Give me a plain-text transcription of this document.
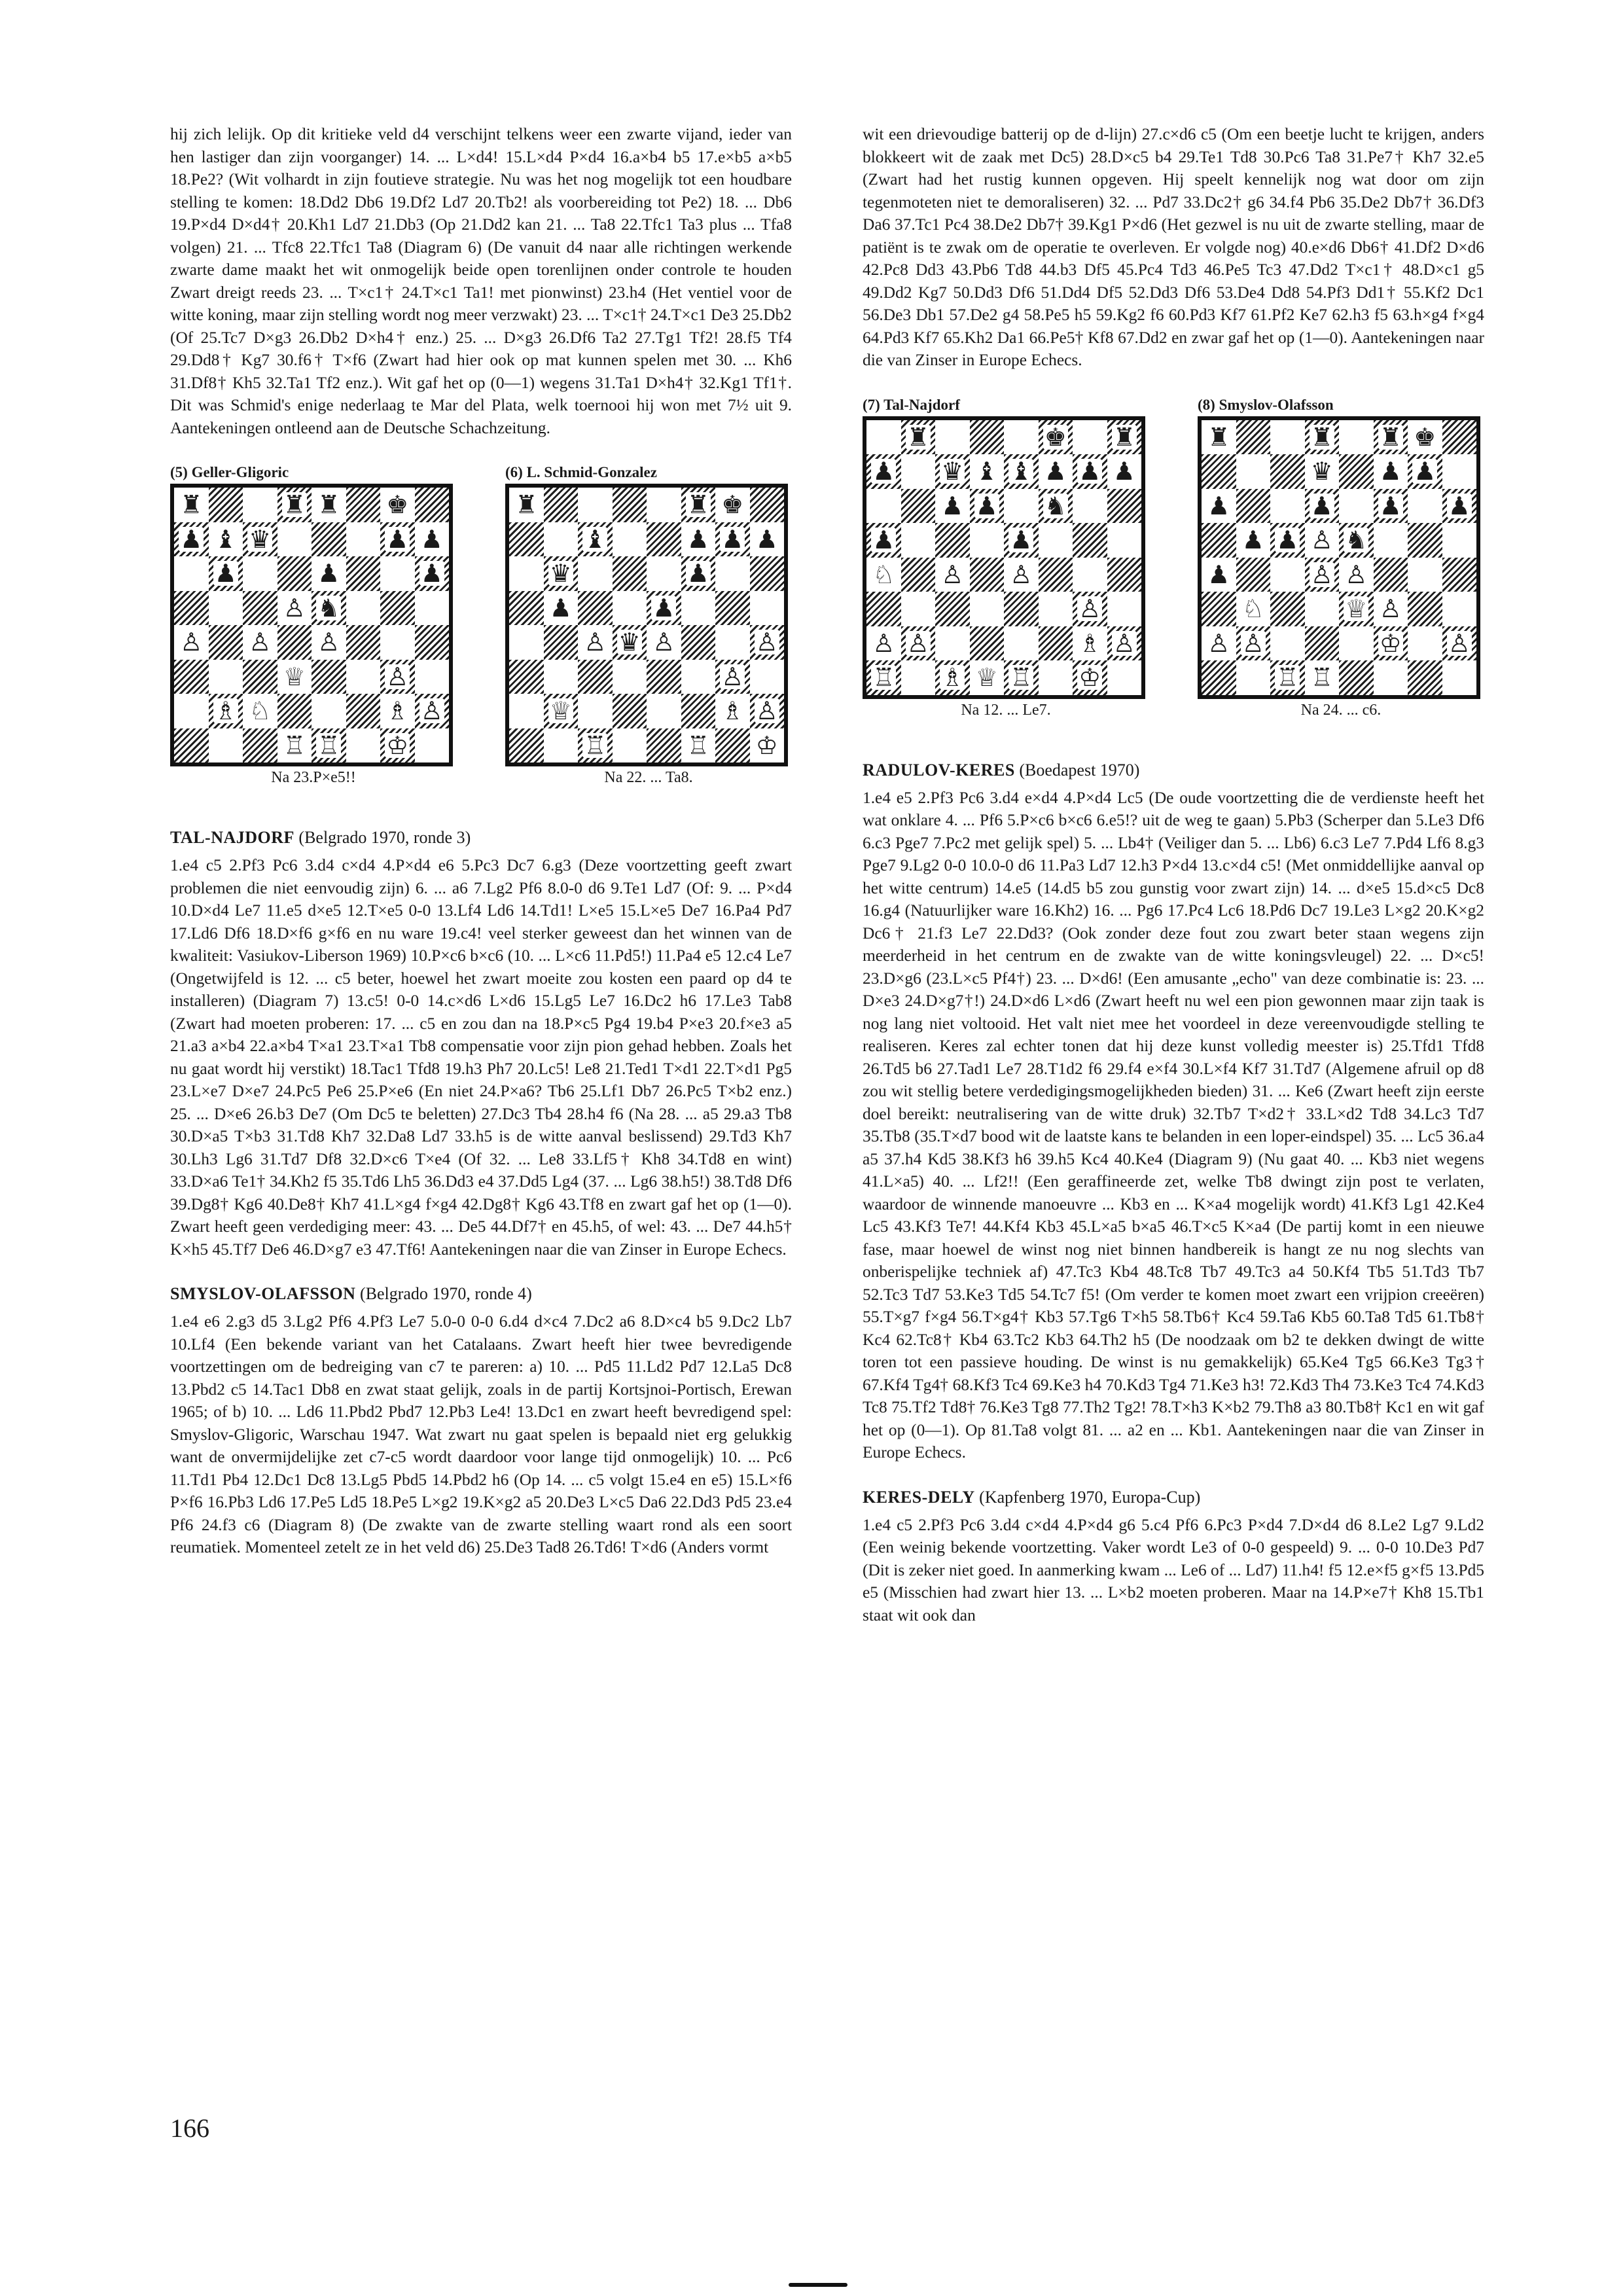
hij zich lelijk. Op dit kritieke veld d4 verschijnt telkens weer een zwarte vijand, ieder van hen lastiger dan zijn voorganger) 14. ... L×d4! 15.L×d4 P×d4 16.a×b4 b5 17.e×b5 a×b5 18.Pe2? (Wit volhardt in zijn foutieve strategie. Nu was het nog mogelijk tot een houdbare stelling te komen: 18.Dd2 Db6 19.Df2 Ld7 20.Tb2! als voorbereiding tot Pe2) 18. ... Db6 19.P×d4 D×d4† 20.Kh1 Ld7 21.Db3 (Op 21.Dd2 kan 21. ... Ta8 22.Tfc1 Ta3 plus ... Tfa8 volgen) 21. ... Tfc8 22.Tfc1 Ta8 (Diagram 6) (De vanuit d4 naar alle richtingen werkende zwarte dame maakt het wit onmogelijk beide open torenlijnen onder controle te houden Zwart dreigt reeds 23. ... T×c1† 24.T×c1 Ta1! met pionwinst) 23.h4 (Het ventiel voor de witte koning, maar zijn stelling wordt nog meer verzwakt) 23. ... T×c1† 24.T×c1 De3 25.Db2 (Of 25.Tc7 D×g3 26.Db2 D×h4† enz.) 25. ... D×g3 26.Df6 Ta2 27.Tg1 Tf2! 28.f5 Tf4 29.Dd8† Kg7 30.f6† T×f6 (Zwart had hier ook op mat kunnen spelen met 30. ... Kh6 31.Df8† Kh5 32.Ta1 Tf2 enz.). Wit gaf het op (0—1) wegens 31.Ta1 D×h4† 32.Kg1 Tf1†. Dit was Schmid's enige nederlaag te Mar del Plata, welk toernooi hij won met 7½ uit 9. Aantekeningen ontleend aan de Deutsche Schachzeitung.

(5) Geller-Gligoric
♜	♜ ♜ ♚
♟ ♝ ♛	♟ ♟
♟	♟	♟
♙ ♞
♙ ♙ ♙
♕	♙
♗ ♘	♗ ♙
♖ ♖ ♔
Na 23.P×e5!!
(6) L. Schmid-Gonzalez
♜	♜ ♚
♝	♟ ♟ ♟
♛	♟
♟	♟
♙ ♛ ♙	♙
♙
♕	♗ ♙
♖	♖ ♔
Na 22. ... Ta8.
TAL-NAJDORF (Belgrado 1970, ronde 3)

1.e4 c5 2.Pf3 Pc6 3.d4 c×d4 4.P×d4 e6 5.Pc3 Dc7 6.g3 (Deze voortzetting geeft zwart problemen die niet eenvoudig zijn) 6. ... a6 7.Lg2 Pf6 8.0-0 d6 9.Te1 Ld7 (Of: 9. ... P×d4 10.D×d4 Le7 11.e5 d×e5 12.T×e5 0-0 13.Lf4 Ld6 14.Td1! L×e5 15.L×e5 De7 16.Pa4 Pd7 17.Ld6 Df6 18.D×f6 g×f6 en nu ware 19.c4! veel sterker geweest dan het winnen van de kwaliteit: Vasiukov-Liberson 1969) 10.P×c6 b×c6 (10. ... L×c6 11.Pd5!) 11.Pa4 e5 12.c4 Le7 (Ongetwijfeld is 12. ... c5 beter, hoewel het zwart moeite zou kosten een paard op d4 te installeren) (Diagram 7) 13.c5! 0-0 14.c×d6 L×d6 15.Lg5 Le7 16.Dc2 h6 17.Le3 Tab8 (Zwart had moeten proberen: 17. ... c5 en zou dan na 18.P×c5 Pg4 19.b4 P×e3 20.f×e3 a5 21.a3 a×b4 22.a×b4 T×a1 23.T×a1 Tb8 compensatie voor zijn pion gehad hebben. Zoals het nu gaat wordt hij verstikt) 18.Tac1 Tfd8 19.h3 Ph7 20.Lc5! Le8 21.Ted1 T×d1 22.T×d1 Pg5 23.L×e7 D×e7 24.Pc5 Pe6 25.P×e6 (En niet 24.P×a6? Tb6 25.Lf1 Db7 26.Pc5 T×b2 enz.) 25. ... D×e6 26.b3 De7 (Om Dc5 te beletten) 27.Dc3 Tb4 28.h4 f6 (Na 28. ... a5 29.a3 Tb8 30.D×a5 T×b3 31.Td8 Kh7 32.Da8 Ld7 33.h5 is de witte aanval beslissend) 29.Td3 Kh7 30.Lh3 Lg6 31.Td7 Df8 32.D×c6 T×e4 (Of 32. ... Le8 33.Lf5† Kh8 34.Td8 en wint) 33.D×a6 Te1† 34.Kh2 f5 35.Td6 Lh5 36.Dd3 e4 37.Dd5 Lg4 (37. ... Lg6 38.h5!) 38.Td8 Df6 39.Dg8† Kg6 40.De8† Kh7 41.L×g4 f×g4 42.Dg8† Kg6 43.Tf8 en zwart gaf het op (1—0). Zwart heeft geen verdediging meer: 43. ... De5 44.Df7† en 45.h5, of wel: 43. ... De7 44.h5† K×h5 45.Tf7 De6 46.D×g7 e3 47.Tf6! Aantekeningen naar die van Zinser in Europe Echecs.

SMYSLOV-OLAFSSON (Belgrado 1970, ronde 4)

1.e4 e6 2.g3 d5 3.Lg2 Pf6 4.Pf3 Le7 5.0-0 0-0 6.d4 d×c4 7.Dc2 a6 8.D×c4 b5 9.Dc2 Lb7 10.Lf4 (Een bekende variant van het Catalaans. Zwart heeft hier twee bevredigende voortzettingen om de bedreiging van c7 te pareren: a) 10. ... Pd5 11.Ld2 Pd7 12.La5 Dc8 13.Pbd2 c5 14.Tac1 Db8 en zwat staat gelijk, zoals in de partij Kortsjnoi-Portisch, Erewan 1965; of b) 10. ... Ld6 11.Pbd2 Pbd7 12.Pb3 Le4! 13.Dc1 en zwart heeft bevredigend spel: Smyslov-Gligoric, Warschau 1947. Wat zwart nu gaat spelen is bepaald niet erg gelukkig want de onvermijdelijke zet c7-c5 wordt daardoor voor lange tijd onmogelijk) 10. ... Pc6 11.Td1 Pb4 12.Dc1 Dc8 13.Lg5 Pbd5 14.Pbd2 h6 (Op 14. ... c5 volgt 15.e4 en e5) 15.L×f6 P×f6 16.Pb3 Ld6 17.Pe5 Ld5 18.Pe5 L×g2 19.K×g2 a5 20.De3 L×c5 Da6 22.Dd3 Pd5 23.e4 Pf6 24.f3 c6 (Diagram 8) (De zwakte van de zwarte stelling waart rond als een soort reumatiek. Momenteel zetelt ze in het veld d6) 25.De3 Tad8 26.Td6! T×d6 (Anders vormt

wit een drievoudige batterij op de d-lijn) 27.c×d6 c5 (Om een beetje lucht te krijgen, anders blokkeert wit de zaak met Dc5) 28.D×c5 b4 29.Te1 Td8 30.Pc6 Ta8 31.Pe7† Kh7 32.e5 (Zwart had het rustig kunnen opgeven. Hij speelt kennelijk nog wat door om zijn tegenmoteten niet te demoraliseren) 32. ... Pd7 33.Dc2† g6 34.f4 Pb6 35.De2 Db7† 36.Df3 Da6 37.Tc1 Pc4 38.De2 Db7† 39.Kg1 P×d6 (Het gezwel is nu uit de zwarte stelling, maar de patiënt is te zwak om de operatie te overleven. Er volgde nog) 40.e×d6 Db6† 41.Df2 D×d6 42.Pc8 Dd3 43.Pb6 Td8 44.b3 Df5 45.Pc4 Td3 46.Pe5 Tc3 47.Dd2 T×c1† 48.D×c1 g5 49.Dd2 Kg7 50.Dd3 Df6 51.Dd4 Df5 52.Dd3 Df6 53.De4 Dd8 54.Pf3 Dd1† 55.Kf2 Dc1 56.De3 Db1 57.De2 g4 58.Pe5 h5 59.Kg2 f6 60.Pd3 Kf7 61.Pf2 Ke7 62.h3 f5 63.h×g4 f×g4 64.Pd3 Kf7 65.Kh2 Da1 66.Pe5† Kf8 67.Dd2 en zwar gaf het op (1—0). Aantekeningen naar die van Zinser in Europe Echecs.

(7) Tal-Najdorf
♜	♚ ♜
♟ ♛ ♝ ♝ ♟ ♟ ♟
♟ ♟ ♞
♟	♟
♘ ♙ ♙
♙
♙ ♙	♗ ♙
♖ ♗ ♕ ♖ ♔
Na 12. ... Le7.
(8) Smyslov-Olafsson
♜	♜ ♜ ♚
♛ ♟ ♟
♟	♟ ♟ ♟
♟ ♟ ♙ ♞
♟	♙ ♙
♘	♕ ♙
♙ ♙	♔ ♙
♖ ♖
Na 24. ... c6.
RADULOV-KERES (Boedapest 1970)

1.e4 e5 2.Pf3 Pc6 3.d4 e×d4 4.P×d4 Lc5 (De oude voortzetting die de verdienste heeft het wat onklare 4. ... Pf6 5.P×c6 b×c6 6.e5!? uit de weg te gaan) 5.Pb3 (Scherper dan 5.Le3 Df6 6.c3 Pge7 7.Pc2 met gelijk spel) 5. ... Lb4† (Veiliger dan 5. ... Lb6) 6.c3 Le7 7.Pd4 Lf6 8.g3 Pge7 9.Lg2 0-0 10.0-0 d6 11.Pa3 Ld7 12.h3 P×d4 13.c×d4 c5! (Met onmiddellijke aanval op het witte centrum) 14.e5 (14.d5 b5 zou gunstig voor zwart zijn) 14. ... d×e5 15.d×c5 Dc8 16.g4 (Natuurlijker ware 16.Kh2) 16. ... Pg6 17.Pc4 Lc6 18.Pd6 Dc7 19.Le3 L×g2 20.K×g2 Dc6† 21.f3 Le7 22.Dd3? (Ook zonder deze fout zou zwart beter staan wegens zijn meerderheid in het centrum en de zwakte van de witte koningsvleugel) 22. ... D×c5! 23.D×g6 (23.L×c5 Pf4†) 23. ... D×d6! (Een amusante „echo" van deze combinatie is: 23. ... D×e3 24.D×g7†!) 24.D×d6 L×d6 (Zwart heeft nu wel een pion gewonnen maar zijn taak is nog lang niet voltooid. Het valt niet mee het voordeel in deze vereenvoudigde stelling te realiseren. Keres zal echter tonen dat hij deze kunst volledig meester is) 25.Tfd1 Tfd8 26.Td5 b6 27.Tad1 Le7 28.T1d2 f6 29.f4 e×f4 30.L×f4 Kf7 31.Td7 (Algemene afruil op d8 zou wit stellig betere verdedigingsmogelijkheden bieden) 31. ... Ke6 (Zwart heeft zijn eerste doel bereikt: neutralisering van de witte druk) 32.Tb7 T×d2† 33.L×d2 Td8 34.Lc3 Td7 35.Tb8 (35.T×d7 bood wit de laatste kans te belanden in een loper-eindspel) 35. ... Lc5 36.a4 a5 37.h4 Kd5 38.Kf3 h6 39.h5 Kc4 40.Ke4 (Diagram 9) (Nu gaat 40. ... Kb3 niet wegens 41.L×a5) 40. ... Lf2!! (Een geraffineerde zet, welke Tb8 dwingt zijn post te verlaten, waardoor de winnende manoeuvre ... Kb3 en ... K×a4 mogelijk wordt) 41.Kf3 Lg1 42.Ke4 Lc5 43.Kf3 Te7! 44.Kf4 Kb3 45.L×a5 b×a5 46.T×c5 K×a4 (De partij komt in een nieuwe fase, maar hoewel de winst nog niet binnen handbereik is hangt ze nu nog slechts van onberispelijke techniek af) 47.Tc3 Kb4 48.Tc8 Tb7 49.Tc3 a4 50.Kf4 Tb5 51.Td3 Tb7 52.Tc3 Td7 53.Ke3 Td5 54.Tc7 f5! (Om verder te komen moet zwart een vrijpion creeëren) 55.T×g7 f×g4 56.T×g4† Kb3 57.Tg6 T×h5 58.Tb6† Kc4 59.Ta6 Kb5 60.Ta8 Td5 61.Tb8† Kc4 62.Tc8† Kb4 63.Tc2 Kb3 64.Th2 h5 (De noodzaak om b2 te dekken dwingt de witte toren tot een passieve houding. De winst is nu gemakkelijk) 65.Ke4 Tg5 66.Ke3 Tg3† 67.Kf4 Tg4† 68.Kf3 Tc4 69.Ke3 h4 70.Kd3 Tg4 71.Ke3 h3! 72.Kd3 Th4 73.Ke3 Tc4 74.Kd3 Tc8 75.Tf2 Td8† 76.Ke3 Tg8 77.Th2 Tg2! 78.T×h3 K×b2 79.Th8 a3 80.Tb8† Kc1 en wit gaf het op (0—1). Op 81.Ta8 volgt 81. ... a2 en ... Kb1. Aantekeningen naar die van Zinser in Europe Echecs.

KERES-DELY (Kapfenberg 1970, Europa-Cup)

1.e4 c5 2.Pf3 Pc6 3.d4 c×d4 4.P×d4 g6 5.c4 Pf6 6.Pc3 P×d4 7.D×d4 d6 8.Le2 Lg7 9.Ld2 (Een weinig bekende voortzetting. Vaker wordt Le3 of 0-0 gespeeld) 9. ... 0-0 10.De3 Pd7 (Dit is zeker niet goed. In aanmerking kwam ... Le6 of ... Ld7) 11.h4! f5 12.e×f5 g×f5 13.Pd5 e5 (Misschien had zwart hier 13. ... L×b2 moeten proberen. Maar na 14.P×e7† Kh8 15.Tb1 staat wit ook dan

166
